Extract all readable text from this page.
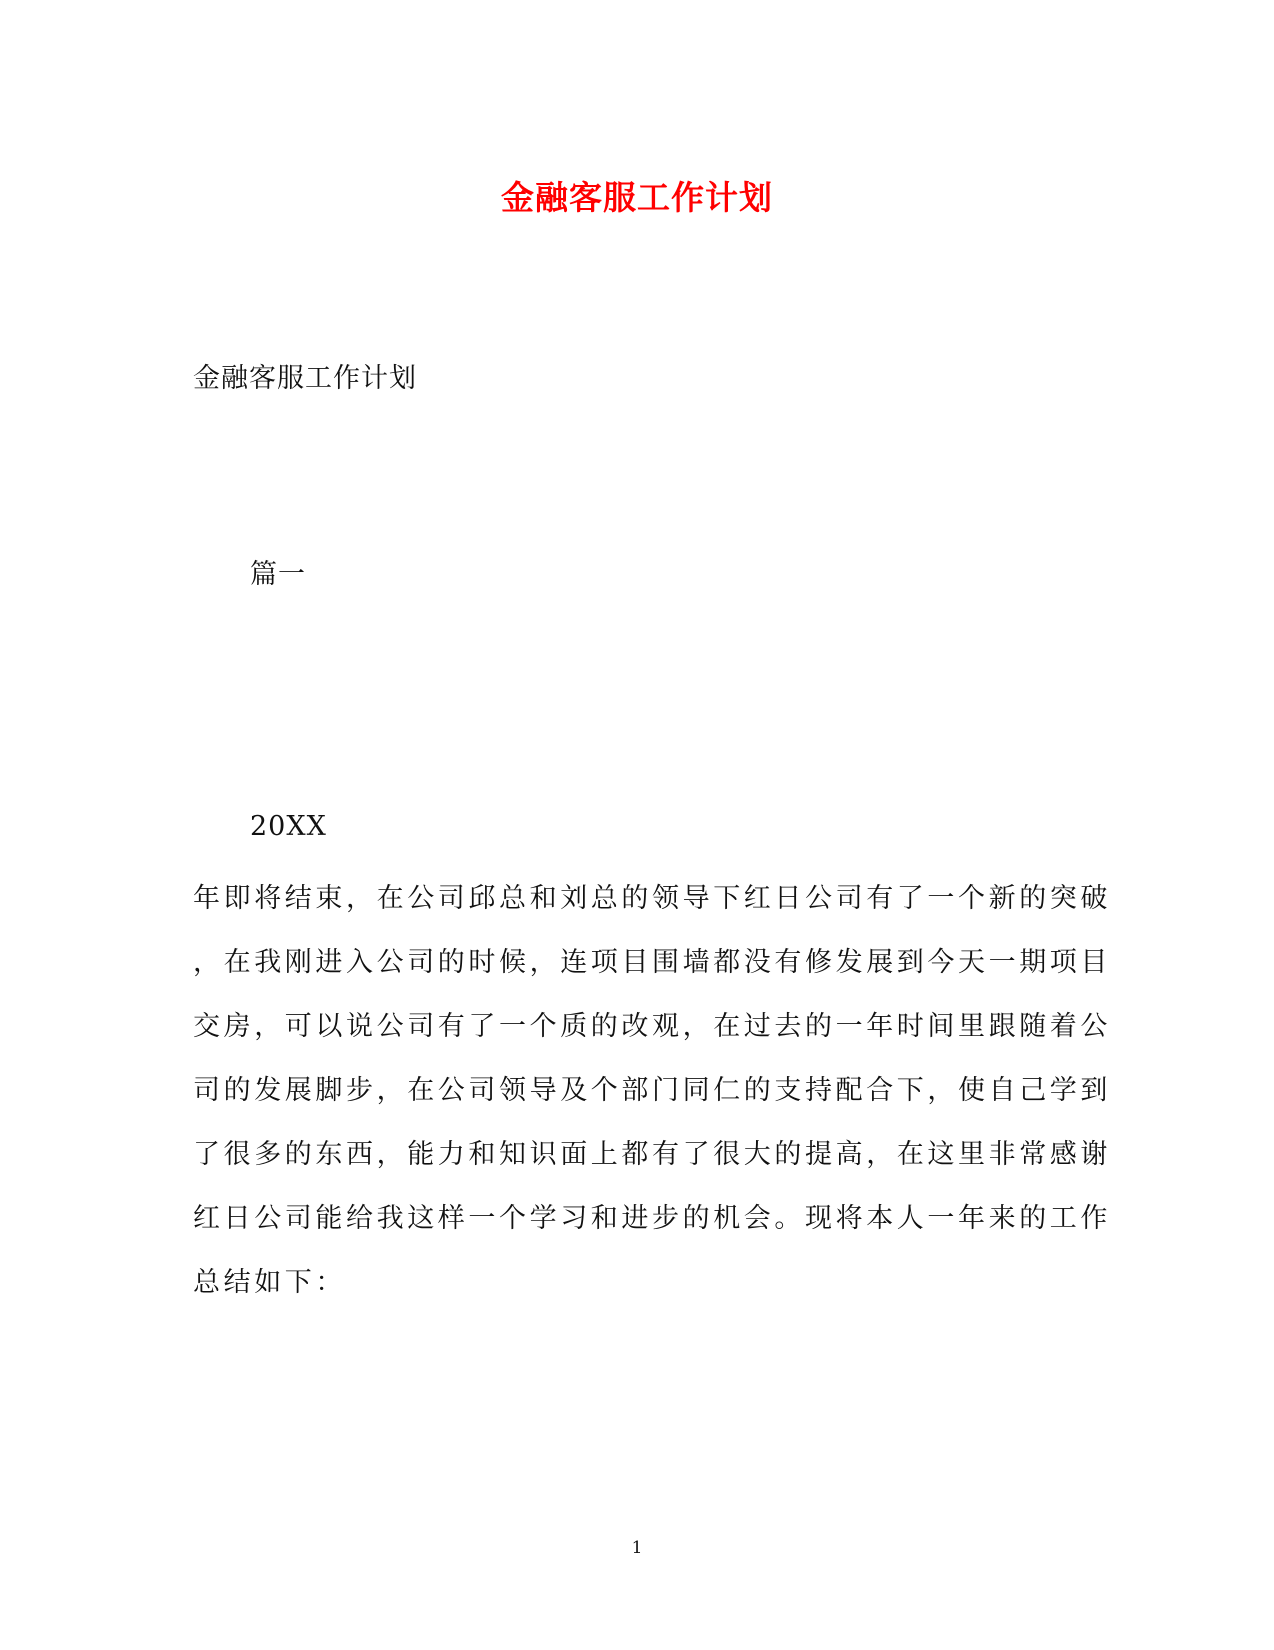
金融客服工作计划
金融客服工作计划
篇一
20XX
年即将结束，在公司邱总和刘总的领导下红日公司有了一个新的突破
，在我刚进入公司的时候，连项目围墙都没有修发展到今天一期项目
交房，可以说公司有了一个质的改观，在过去的一年时间里跟随着公
司的发展脚步，在公司领导及个部门同仁的支持配合下，使自己学到
了很多的东西，能力和知识面上都有了很大的提高，在这里非常感谢
红日公司能给我这样一个学习和进步的机会。现将本人一年来的工作
总结如下：
1
